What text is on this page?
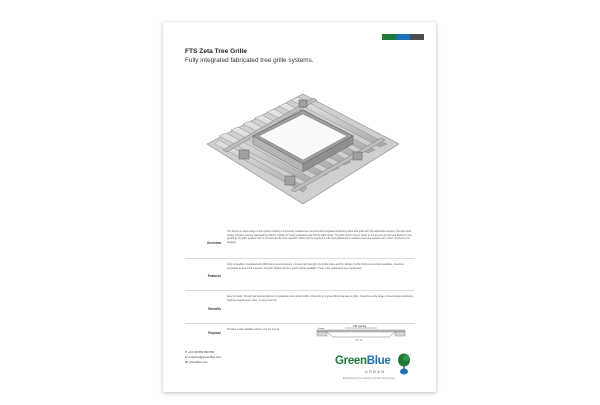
FTS Zeta Tree Grille
Fully integrated fabricated tree grille systems.
Overview
The Zeta is a unique range of tree grilles providing a completely modular tree surround with integrated supporting frame and grille with fully adjustable sections. The Zeta grille design provides a strong load bearing platform suitable for heavy pedestrian and vehicle traffic areas. The grille system can be made to suit any tree pit size and allows for tree growth as the grille sections can be removed as the trunk expands. Grilles can be supplied in mild steel galvanised or stainless steel and coated to any colour required by the designer.
Features
Fully compatible / integrated with GBU below ground systems • Unique high strength, low profile frame and fill • Range of grille finishes and colours available • Sections removable as tree trunk expands • Integral irrigation and tree guard options available • Heavy duty galvanised steel construction
Benefits
Easy to install • Strong load bearing platform for pedestrian and vehicle traffic • Allows trunk to grow without damage to grille • Supports a wide range of street design aesthetics • Reduced maintenance costs • Long service life
Purpose
Provides a safe walkable surface over the tree pit
infill spacing
Frame
Tree pit
T: +44 (0)1580 830 800
E: enquiries@greenblue.com
W: greenblue.com	GreenBlue
URBAN
Established by the Authority of Urban Tree Planting
